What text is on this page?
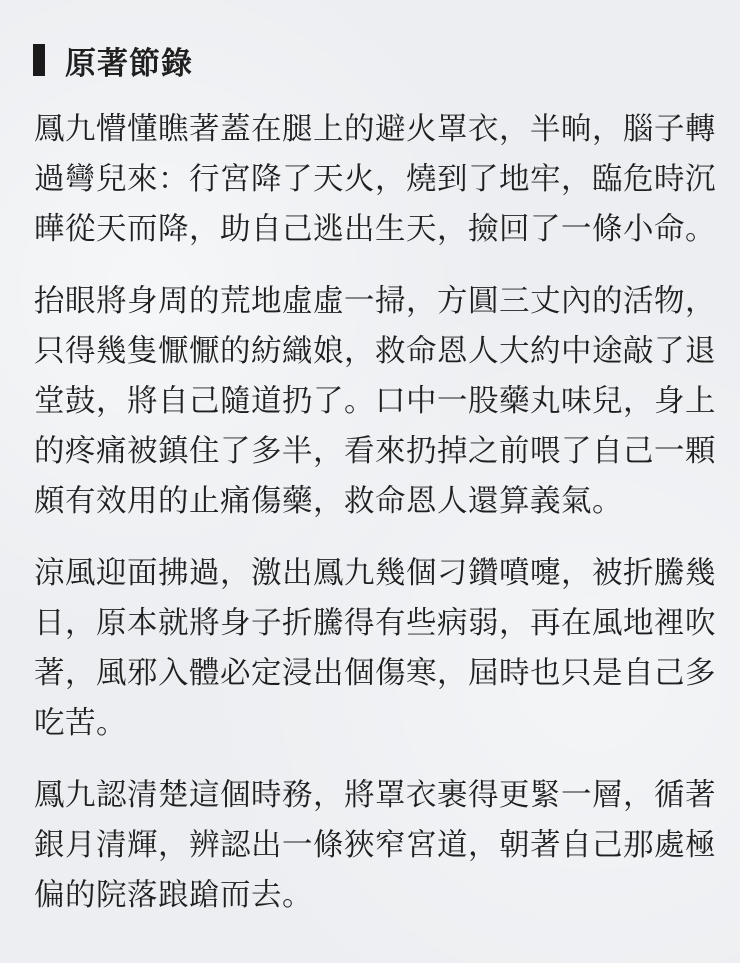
原著節錄
鳳九懵懂瞧著蓋在腿上的避火罩衣，半晌，腦子轉
過彎兒來：行宮降了天火，燒到了地牢，臨危時沉
曄從天而降，助自己逃出生天，撿回了一條小命。
抬眼將身周的荒地虛虛一掃，方圓三丈內的活物，
只得幾隻懨懨的紡織娘，救命恩人大約中途敲了退
堂鼓，將自己隨道扔了。口中一股藥丸味兒，身上
的疼痛被鎮住了多半，看來扔掉之前喂了自己一顆
頗有效用的止痛傷藥，救命恩人還算義氣。
涼風迎面拂過，激出鳳九幾個刁鑽噴嚏，被折騰幾
日，原本就將身子折騰得有些病弱，再在風地裡吹
著，風邪入體必定浸出個傷寒，屆時也只是自己多
吃苦。
鳳九認清楚這個時務，將罩衣裹得更緊一層，循著
銀月清輝，辨認出一條狹窄宮道，朝著自己那處極
偏的院落踉蹌而去。
